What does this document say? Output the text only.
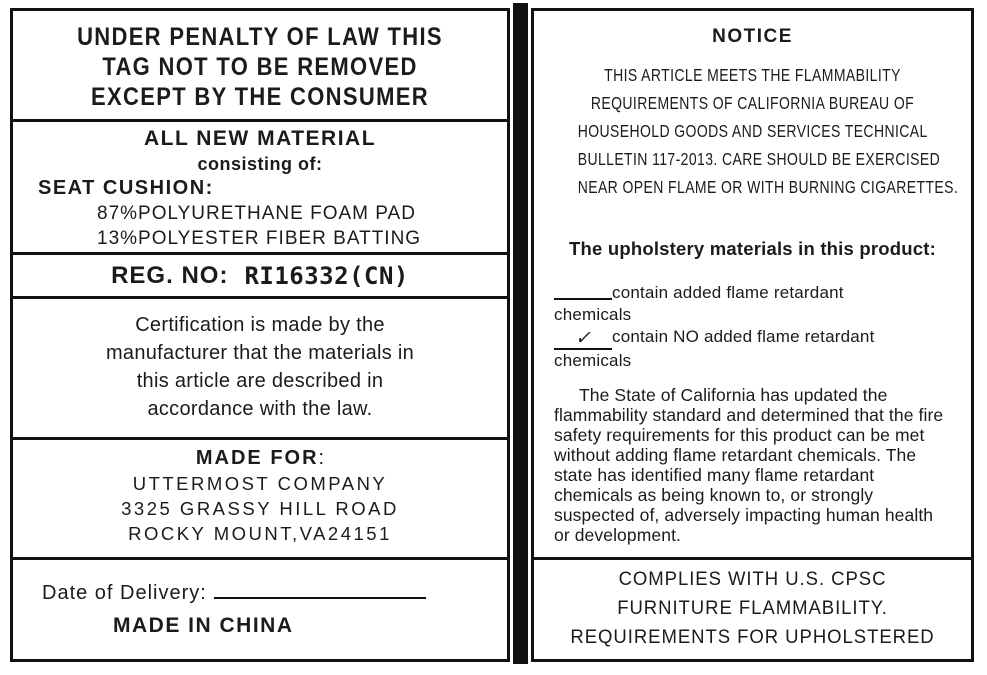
UNDER PENALTY OF LAW THIS
TAG NOT TO BE REMOVED
EXCEPT BY THE CONSUMER
ALL NEW MATERIAL
consisting of:
SEAT CUSHION:
87%POLYURETHANE FOAM PAD
13%POLYESTER FIBER BATTING
REG. NO: RI16332(CN)
Certification is made by the
manufacturer that the materials in
this article are described in
accordance with the law.
MADE FOR:
UTTERMOST COMPANY
3325 GRASSY HILL ROAD
ROCKY MOUNT,VA24151
Date of Delivery:
MADE IN CHINA
NOTICE
THIS ARTICLE MEETS THE FLAMMABILITY
REQUIREMENTS OF CALIFORNIA BUREAU OF
HOUSEHOLD GOODS AND SERVICES TECHNICAL
BULLETIN 117-2013. CARE SHOULD BE EXERCISED
NEAR OPEN FLAME OR WITH BURNING CIGARETTES.
The upholstery materials in this product:
contain added flame retardant chemicals
✓ contain NO added flame retardant chemicals
The State of California has updated the flammability standard and determined that the fire safety requirements for this product can be met without adding flame retardant chemicals. The state has identified many flame retardant chemicals as being known to, or strongly suspected of, adversely impacting human health or development.
COMPLIES WITH U.S. CPSC
FURNITURE FLAMMABILITY.
REQUIREMENTS FOR UPHOLSTERED
